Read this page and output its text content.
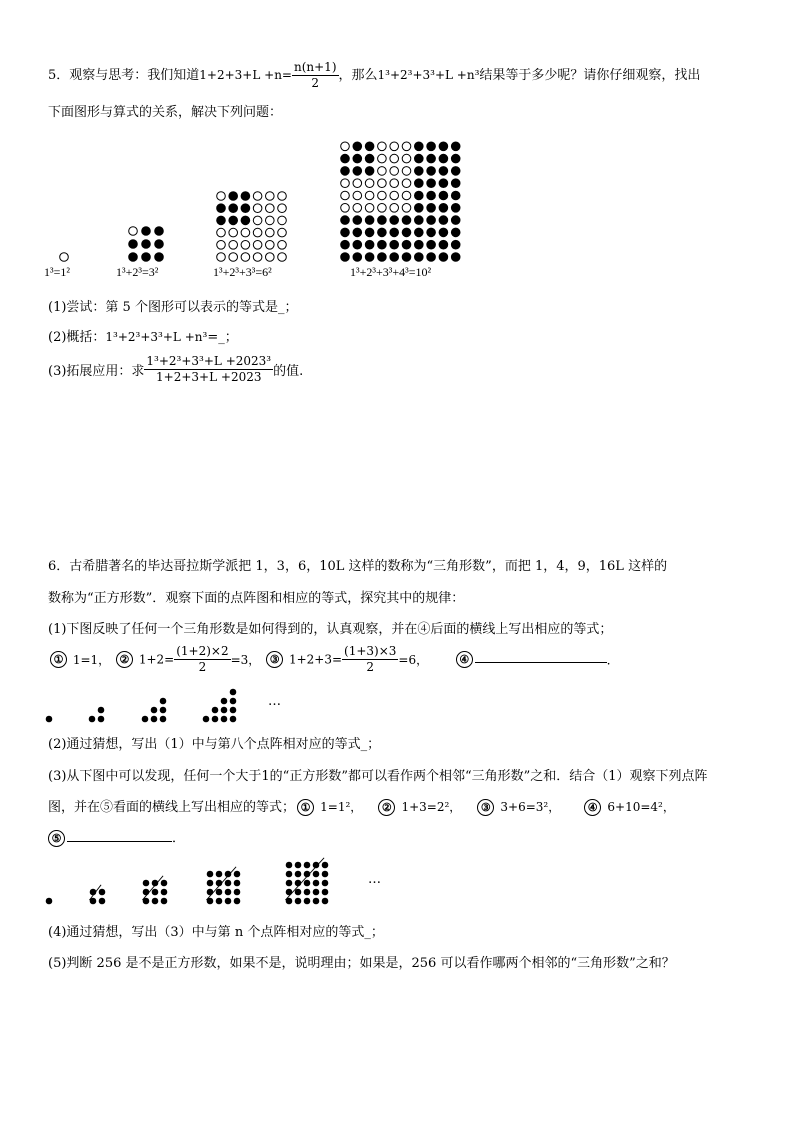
5．观察与思考：我们知道$1+2+3+L +n= \frac{n(n+1)}{2}$ ，那么1³+2³+3³+L +n³结果等于多少呢？请你仔细观察，找出
下面图形与算式的关系，解决下列问题：
1³=1²	1³+2³=3²	1³+2³+3³=6²	1³+2³+3³+4³=10²
(1)尝试：第 5 个图形可以表示的等式是_；
(2)概括：1³+2³+3³+L +n³=_；
(3)拓展应用：求 $\frac{\text{1³+2³+3³+L +2023³}}{1+2+3+L +2023}$ 的值.
6．古希腊著名的毕达哥拉斯学派把 1，3，6，10L 这样的数称为“三角形数”，而把 1，4，9，16L 这样的
数称为“正方形数”．观察下面的点阵图和相应的等式，探究其中的规律：
(1)下图反映了任何一个三角形数是如何得到的，认真观察，并在④后面的横线上写出相应的等式；
① 1=1， ② $1+2= \frac{(1+2)\times 2}{2} =3$， ③ $1+2+3= \frac{(1+3)\times 3}{2} =6$，	④	．
…
(2)通过猜想，写出（1）中与第八个点阵相对应的等式_；
(3)从下图中可以发现，任何一个大于1的“正方形数”都可以看作两个相邻“三角形数”之和．结合（1）观察下列点阵
图，并在⑤看面的横线上写出相应的等式； ① 1=1²， ② 1+3=2²， ③ 3+6=3²，	④ 6+10=4²，
⑤	．
…
(4)通过猜想，写出（3）中与第 n 个点阵相对应的等式_；
(5)判断 256 是不是正方形数，如果不是，说明理由；如果是，256 可以看作哪两个相邻的“三角形数”之和？
